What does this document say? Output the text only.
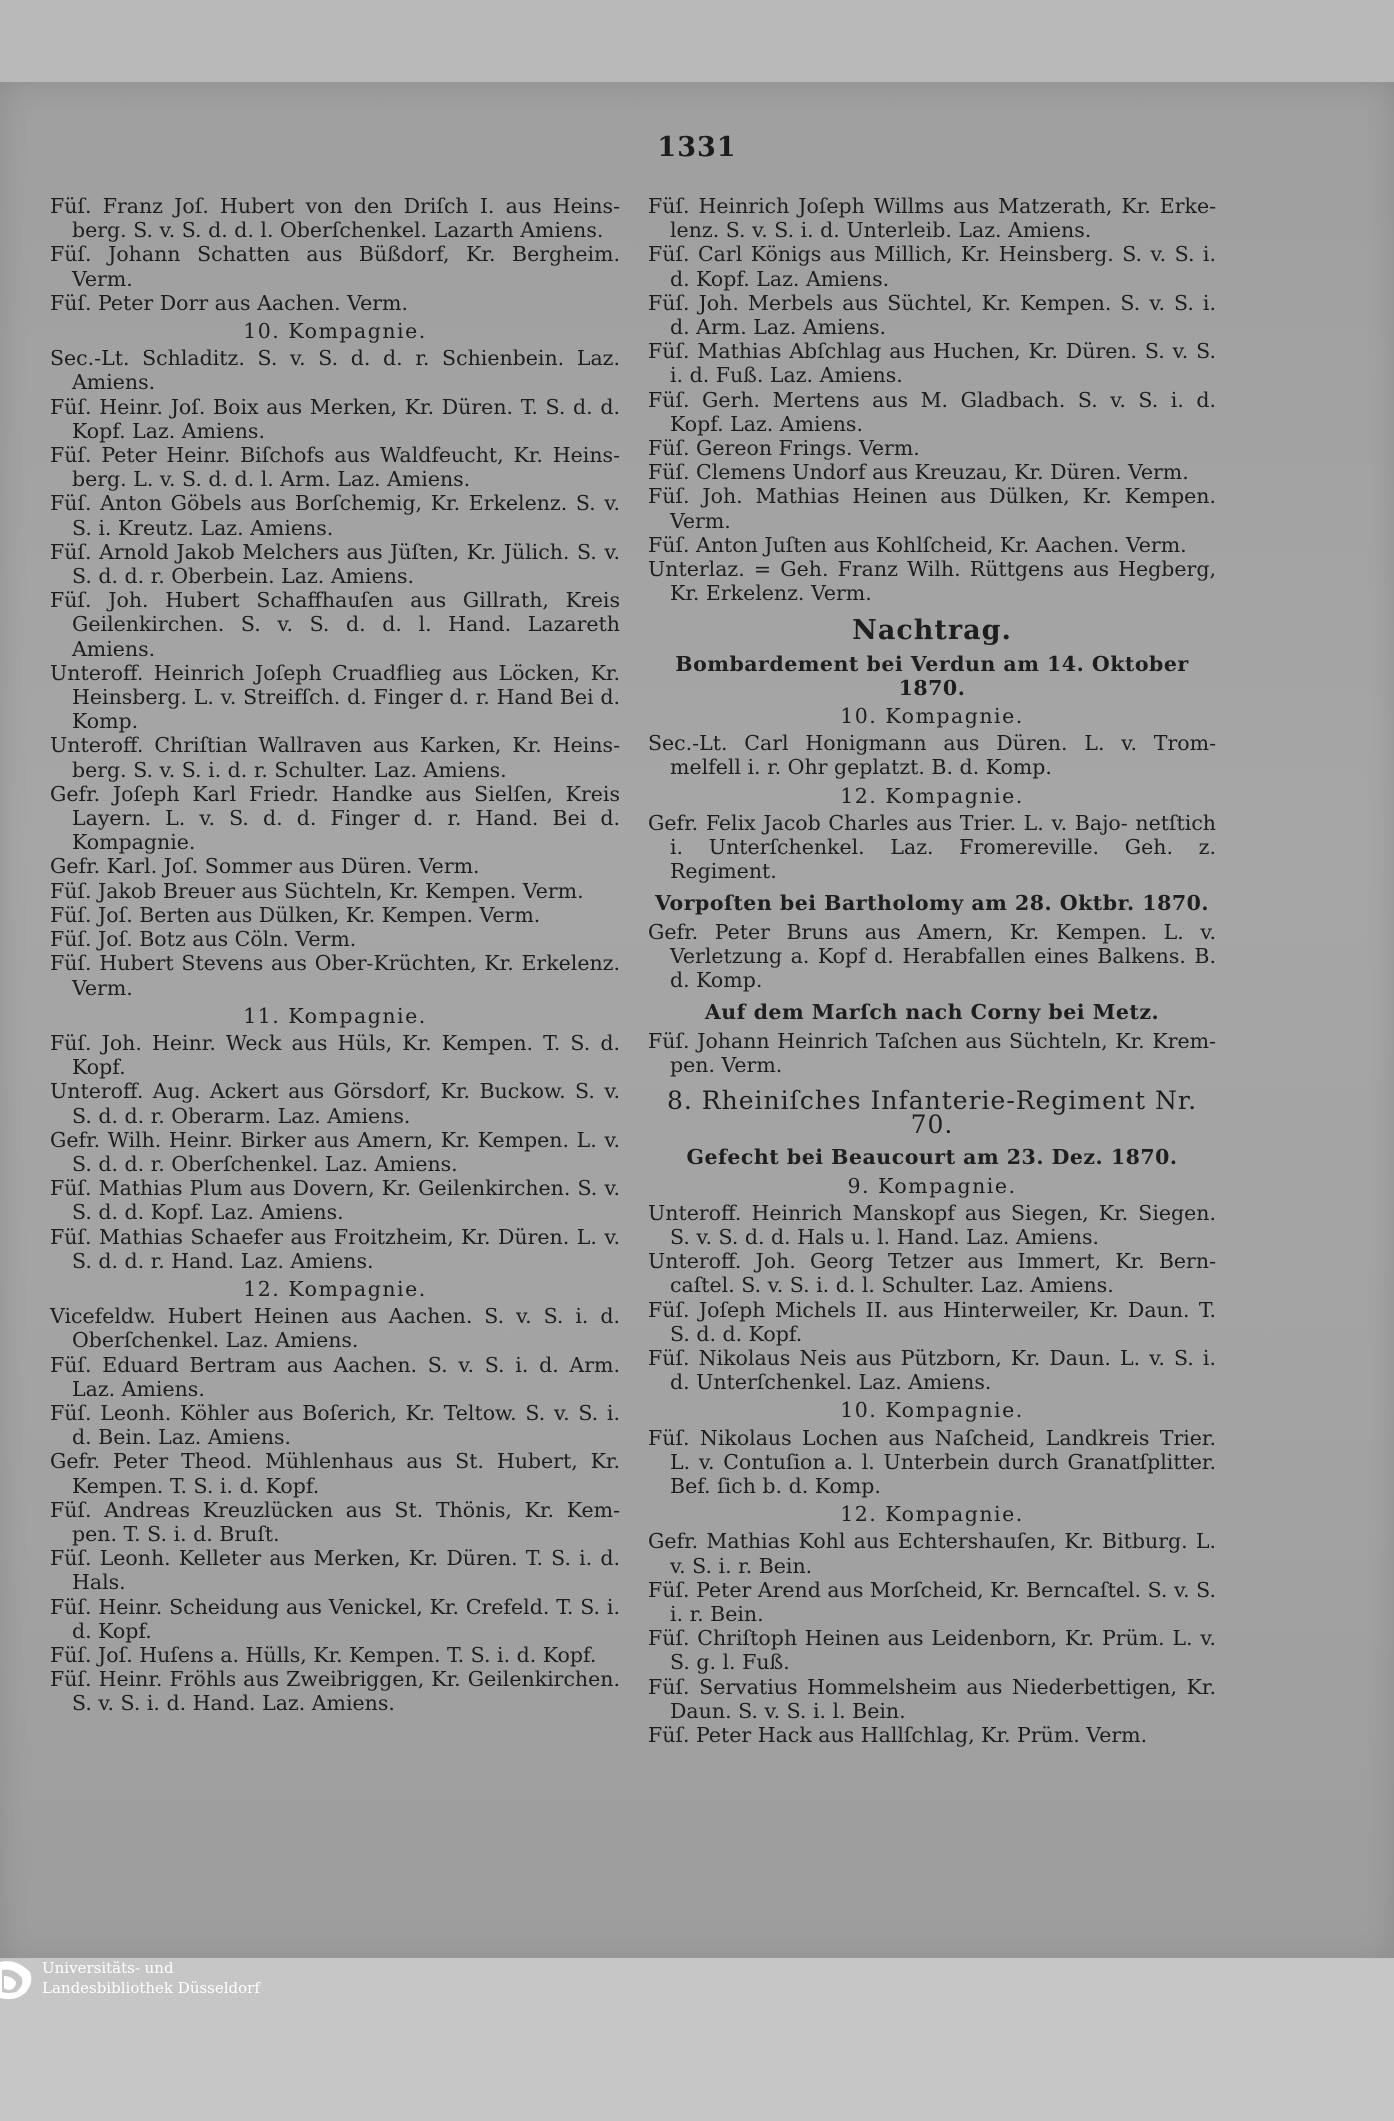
1331
Füſ. Franz Joſ. Hubert von den Driſch I. aus Heins- berg. S. v. S. d. d. l. Oberſchenkel. Lazarth Amiens.
Füſ. Johann Schatten aus Büßdorf, Kr. Bergheim. Verm.
Füſ. Peter Dorr aus Aachen. Verm.
10. Kompagnie.
Sec.-Lt. Schladitz. S. v. S. d. d. r. Schienbein. Laz. Amiens.
Füſ. Heinr. Joſ. Boix aus Merken, Kr. Düren. T. S. d. d. Kopf. Laz. Amiens.
Füſ. Peter Heinr. Biſchofs aus Waldfeucht, Kr. Heins- berg. L. v. S. d. d. l. Arm. Laz. Amiens.
Füſ. Anton Göbels aus Borſchemig, Kr. Erkelenz. S. v. S. i. Kreutz. Laz. Amiens.
Füſ. Arnold Jakob Melchers aus Jüſten, Kr. Jülich. S. v. S. d. d. r. Oberbein. Laz. Amiens.
Füſ. Joh. Hubert Schaffhauſen aus Gillrath, Kreis Geilenkirchen. S. v. S. d. d. l. Hand. Lazareth Amiens.
Unteroff. Heinrich Joſeph Cruadflieg aus Löcken, Kr. Heinsberg. L. v. Streifſch. d. Finger d. r. Hand Bei d. Komp.
Unteroff. Chriſtian Wallraven aus Karken, Kr. Heins- berg. S. v. S. i. d. r. Schulter. Laz. Amiens.
Gefr. Joſeph Karl Friedr. Handke aus Sielſen, Kreis Layern. L. v. S. d. d. Finger d. r. Hand. Bei d. Kompagnie.
Gefr. Karl. Joſ. Sommer aus Düren. Verm.
Füſ. Jakob Breuer aus Süchteln, Kr. Kempen. Verm.
Füſ. Joſ. Berten aus Dülken, Kr. Kempen. Verm.
Füſ. Joſ. Botz aus Cöln. Verm.
Füſ. Hubert Stevens aus Ober-Krüchten, Kr. Erkelenz. Verm.
11. Kompagnie.
Füſ. Joh. Heinr. Weck aus Hüls, Kr. Kempen. T. S. d. Kopf.
Unteroff. Aug. Ackert aus Görsdorf, Kr. Buckow. S. v. S. d. d. r. Oberarm. Laz. Amiens.
Gefr. Wilh. Heinr. Birker aus Amern, Kr. Kempen. L. v. S. d. d. r. Oberſchenkel. Laz. Amiens.
Füſ. Mathias Plum aus Dovern, Kr. Geilenkirchen. S. v. S. d. d. Kopf. Laz. Amiens.
Füſ. Mathias Schaefer aus Froitzheim, Kr. Düren. L. v. S. d. d. r. Hand. Laz. Amiens.
12. Kompagnie.
Vicefeldw. Hubert Heinen aus Aachen. S. v. S. i. d. Oberſchenkel. Laz. Amiens.
Füſ. Eduard Bertram aus Aachen. S. v. S. i. d. Arm. Laz. Amiens.
Füſ. Leonh. Köhler aus Boſerich, Kr. Teltow. S. v. S. i. d. Bein. Laz. Amiens.
Gefr. Peter Theod. Mühlenhaus aus St. Hubert, Kr. Kempen. T. S. i. d. Kopf.
Füſ. Andreas Kreuzlücken aus St. Thönis, Kr. Kem- pen. T. S. i. d. Bruſt.
Füſ. Leonh. Kelleter aus Merken, Kr. Düren. T. S. i. d. Hals.
Füſ. Heinr. Scheidung aus Venickel, Kr. Crefeld. T. S. i. d. Kopf.
Füſ. Joſ. Huſens a. Hülls, Kr. Kempen. T. S. i. d. Kopf.
Füſ. Heinr. Fröhls aus Zweibriggen, Kr. Geilenkirchen. S. v. S. i. d. Hand. Laz. Amiens.
Füſ. Heinrich Joſeph Willms aus Matzerath, Kr. Erke- lenz. S. v. S. i. d. Unterleib. Laz. Amiens.
Füſ. Carl Königs aus Millich, Kr. Heinsberg. S. v. S. i. d. Kopf. Laz. Amiens.
Füſ. Joh. Merbels aus Süchtel, Kr. Kempen. S. v. S. i. d. Arm. Laz. Amiens.
Füſ. Mathias Abſchlag aus Huchen, Kr. Düren. S. v. S. i. d. Fuß. Laz. Amiens.
Füſ. Gerh. Mertens aus M. Gladbach. S. v. S. i. d. Kopf. Laz. Amiens.
Füſ. Gereon Frings. Verm.
Füſ. Clemens Undorf aus Kreuzau, Kr. Düren. Verm.
Füſ. Joh. Mathias Heinen aus Dülken, Kr. Kempen. Verm.
Füſ. Anton Juſten aus Kohlſcheid, Kr. Aachen. Verm.
Unterlaz. = Geh. Franz Wilh. Rüttgens aus Hegberg, Kr. Erkelenz. Verm.
Nachtrag.
Bombardement bei Verdun am 14. Oktober 1870.
10. Kompagnie.
Sec.-Lt. Carl Honigmann aus Düren. L. v. Trom- melfell i. r. Ohr geplatzt. B. d. Komp.
12. Kompagnie.
Gefr. Felix Jacob Charles aus Trier. L. v. Bajo- netſtich i. Unterſchenkel. Laz. Fromereville. Geh. z. Regiment.
Vorpoſten bei Bartholomy am 28. Oktbr. 1870.
Gefr. Peter Bruns aus Amern, Kr. Kempen. L. v. Verletzung a. Kopf d. Herabfallen eines Balkens. B. d. Komp.
Auf dem Marſch nach Corny bei Metz.
Füſ. Johann Heinrich Taſchen aus Süchteln, Kr. Krem- pen. Verm.
8. Rheiniſches Infanterie-Regiment Nr. 70.
Gefecht bei Beaucourt am 23. Dez. 1870.
9. Kompagnie.
Unteroff. Heinrich Manskopf aus Siegen, Kr. Siegen. S. v. S. d. d. Hals u. l. Hand. Laz. Amiens.
Unteroff. Joh. Georg Tetzer aus Immert, Kr. Bern- caſtel. S. v. S. i. d. l. Schulter. Laz. Amiens.
Füſ. Joſeph Michels II. aus Hinterweiler, Kr. Daun. T. S. d. d. Kopf.
Füſ. Nikolaus Neis aus Pützborn, Kr. Daun. L. v. S. i. d. Unterſchenkel. Laz. Amiens.
10. Kompagnie.
Füſ. Nikolaus Lochen aus Naſcheid, Landkreis Trier. L. v. Contuſion a. l. Unterbein durch Granatſplitter. Bef. ſich b. d. Komp.
12. Kompagnie.
Gefr. Mathias Kohl aus Echtershauſen, Kr. Bitburg. L. v. S. i. r. Bein.
Füſ. Peter Arend aus Morſcheid, Kr. Berncaſtel. S. v. S. i. r. Bein.
Füſ. Chriſtoph Heinen aus Leidenborn, Kr. Prüm. L. v. S. g. l. Fuß.
Füſ. Servatius Hommelsheim aus Niederbettigen, Kr. Daun. S. v. S. i. l. Bein.
Füſ. Peter Hack aus Hallſchlag, Kr. Prüm. Verm.
Universitäts- und
Landesbibliothek Düsseldorf
